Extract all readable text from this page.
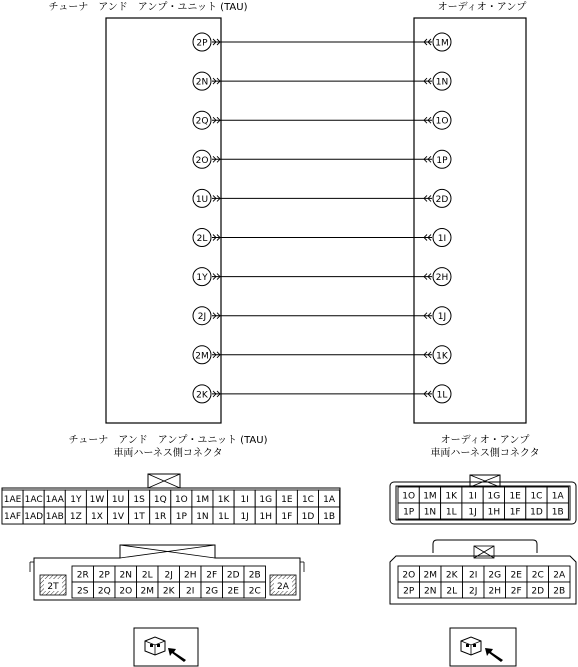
チューナ　アンド　アンプ・ユニット (TAU)	オーディオ・アンプ
2P	1M
2N	1N
2Q	1O
2O	1P
1U	2D
2L	1I
1Y	2H
2J	1J
2M	1K
2K	1L
チューナ　アンド　アンプ・ユニット (TAU)
車両ハーネス側コネクタ
オーディオ・アンプ
車両ハーネス側コネクタ
1AE 1AC 1AA 1Y 1W 1U 1S 1Q 1O 1M 1K 1I 1G 1E 1C 1A
1AF 1AD 1AB 1Z 1X 1V 1T 1R 1P 1N 1L 1J 1H 1F 1D 1B
2T	2A
2R 2P 2N 2L 2J 2H 2F 2D 2B
2S 2Q 2O 2M 2K 2I 2G 2E 2C
1O 1M 1K 1I 1G 1E 1C 1A
1P 1N 1L 1J 1H 1F 1D 1B
2O 2M 2K 2I 2G 2E 2C 2A
2P 2N 2L 2J 2H 2F 2D 2B
